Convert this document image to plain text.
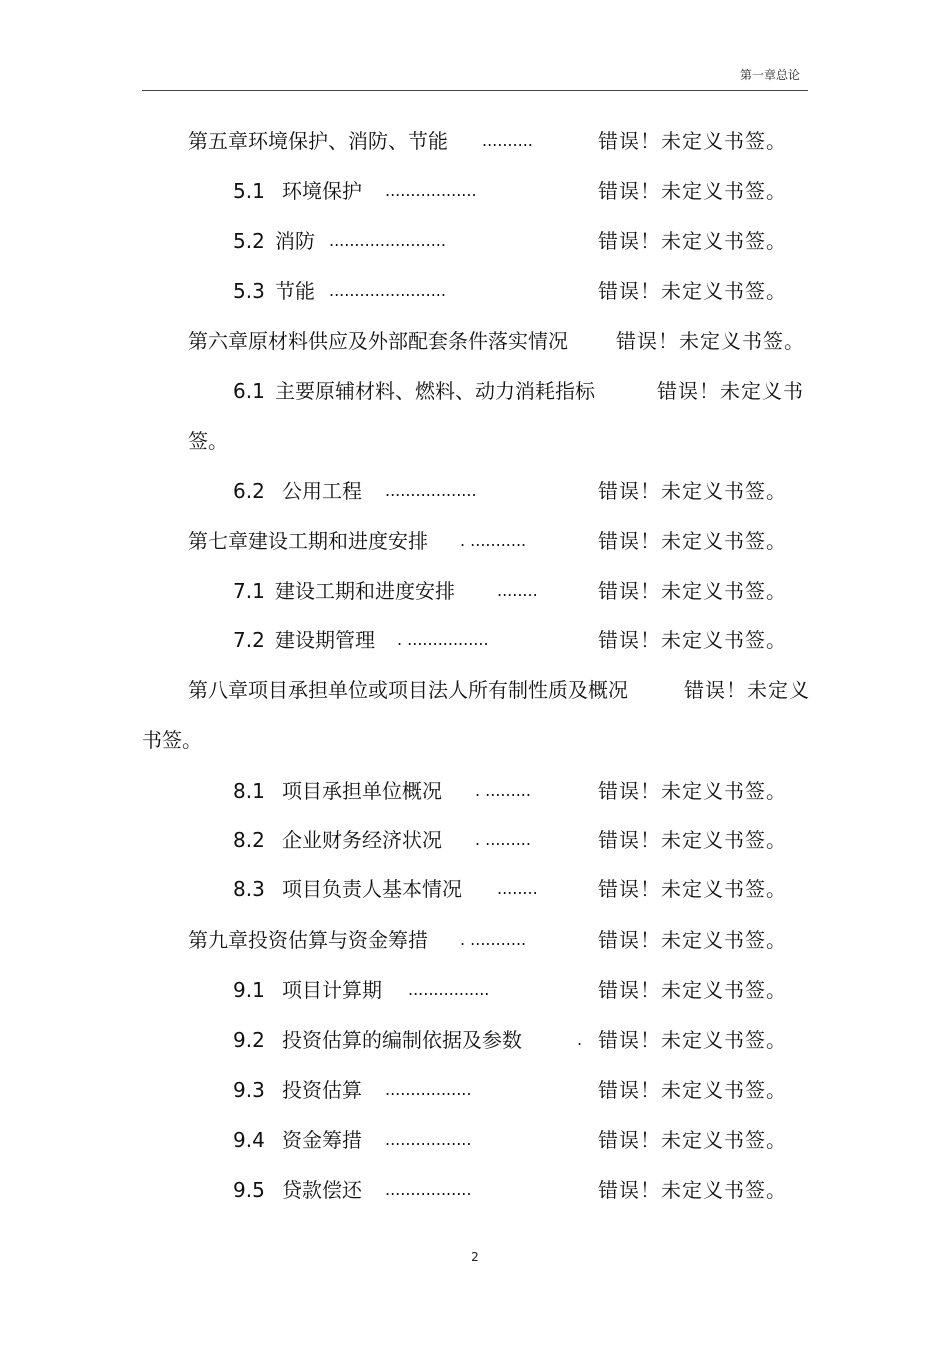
第一章总论
第五章环境保护、消防、节能 ..........	错误！未定义书签。
5.1 环境保护 ..................	错误！未定义书签。
5.2 消防 .......................	错误！未定义书签。
5.3 节能 .......................	错误！未定义书签。
第六章原材料供应及外部配套条件落实情况 错误！未定义书签。
6.1 主要原辅材料、燃料、动力消耗指标	错误！未定义书
签。
6.2 公用工程 ..................	错误！未定义书签。
第七章建设工期和进度安排 . ...........	错误！未定义书签。
7.1 建设工期和进度安排	........	错误！未定义书签。
7.2 建设期管理 . ................	错误！未定义书签。
第八章项目承担单位或项目法人所有制性质及概况	错误！未定义
书签。
8.1 项目承担单位概况 . .........	错误！未定义书签。
8.2 企业财务经济状况 . .........	错误！未定义书签。
8.3 项目负责人基本情况 ........	错误！未定义书签。
第九章投资估算与资金筹措 . ...........	错误！未定义书签。
9.1 项目计算期 ................	错误！未定义书签。
9.2 投资估算的编制依据及参数	. 错误！未定义书签。
9.3 投资估算 .................	错误！未定义书签。
9.4 资金筹措 .................	错误！未定义书签。
9.5 贷款偿还 .................	错误！未定义书签。
2
